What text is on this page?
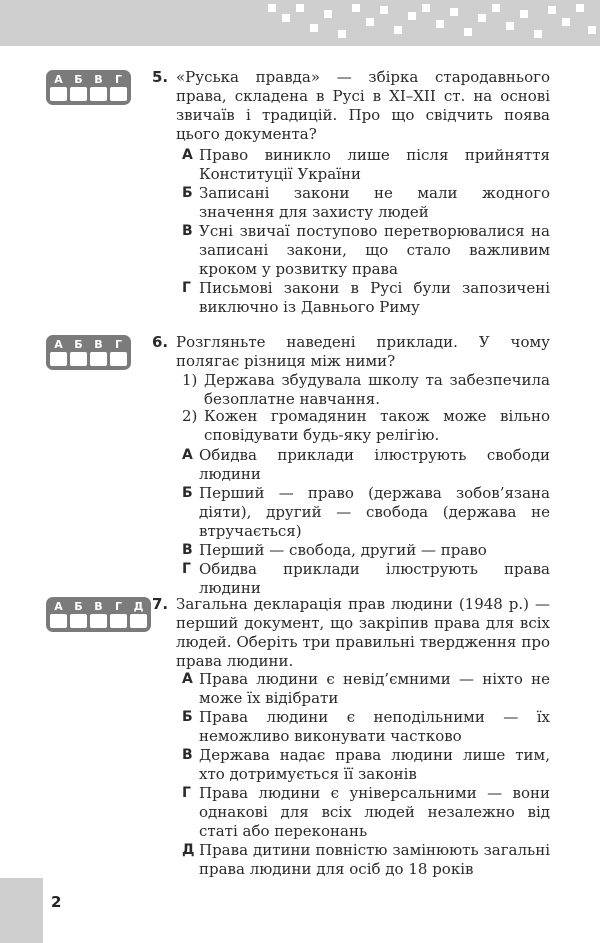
А	Б	В	Г	5. «Руська правда» — збірка стародавнього права, складена в Русі в XI–XII ст. на основі звичаїв і традицій. Про що свідчить поява цього документа?
А Право виникло лише після прийняття Конституції України
Б Записані закони не мали жодного значення для захисту людей
В Усні звичаї поступово перетворювалися на записані закони, що стало важливим кроком у розвитку права
Г Письмові закони в Русі були запозичені виключно із Давнього Риму
А	Б	В	Г	6. Розгляньте наведені приклади. У чому полягає різниця між ними?
1) Держава збудувала школу та забезпечила безоплатне навчання.
2) Кожен громадянин також може вільно сповідувати будь-яку релігію.
А Обидва приклади ілюструють свободи людини
Б Перший — право (держава зобов’язана діяти), другий — свобода (держава не втручається)
В Перший — свобода, другий — право
Г Обидва приклади ілюструють права людини
А	Б	В	Г	Д 7. Загальна декларація прав людини (1948 р.) — перший документ, що закріпив права для всіх людей. Оберіть три правильні твердження про права людини.
А Права людини є невід’ємними — ніхто не може їх відібрати
Б Права людини є неподільними — їх неможливо виконувати частково
В Держава надає права людини лише тим, хто дотримується її законів
Г Права людини є універсальними — вони однакові для всіх людей незалежно від статі або переконань
Д Права дитини повністю замінюють загальні права людини для осіб до 18 років
2
